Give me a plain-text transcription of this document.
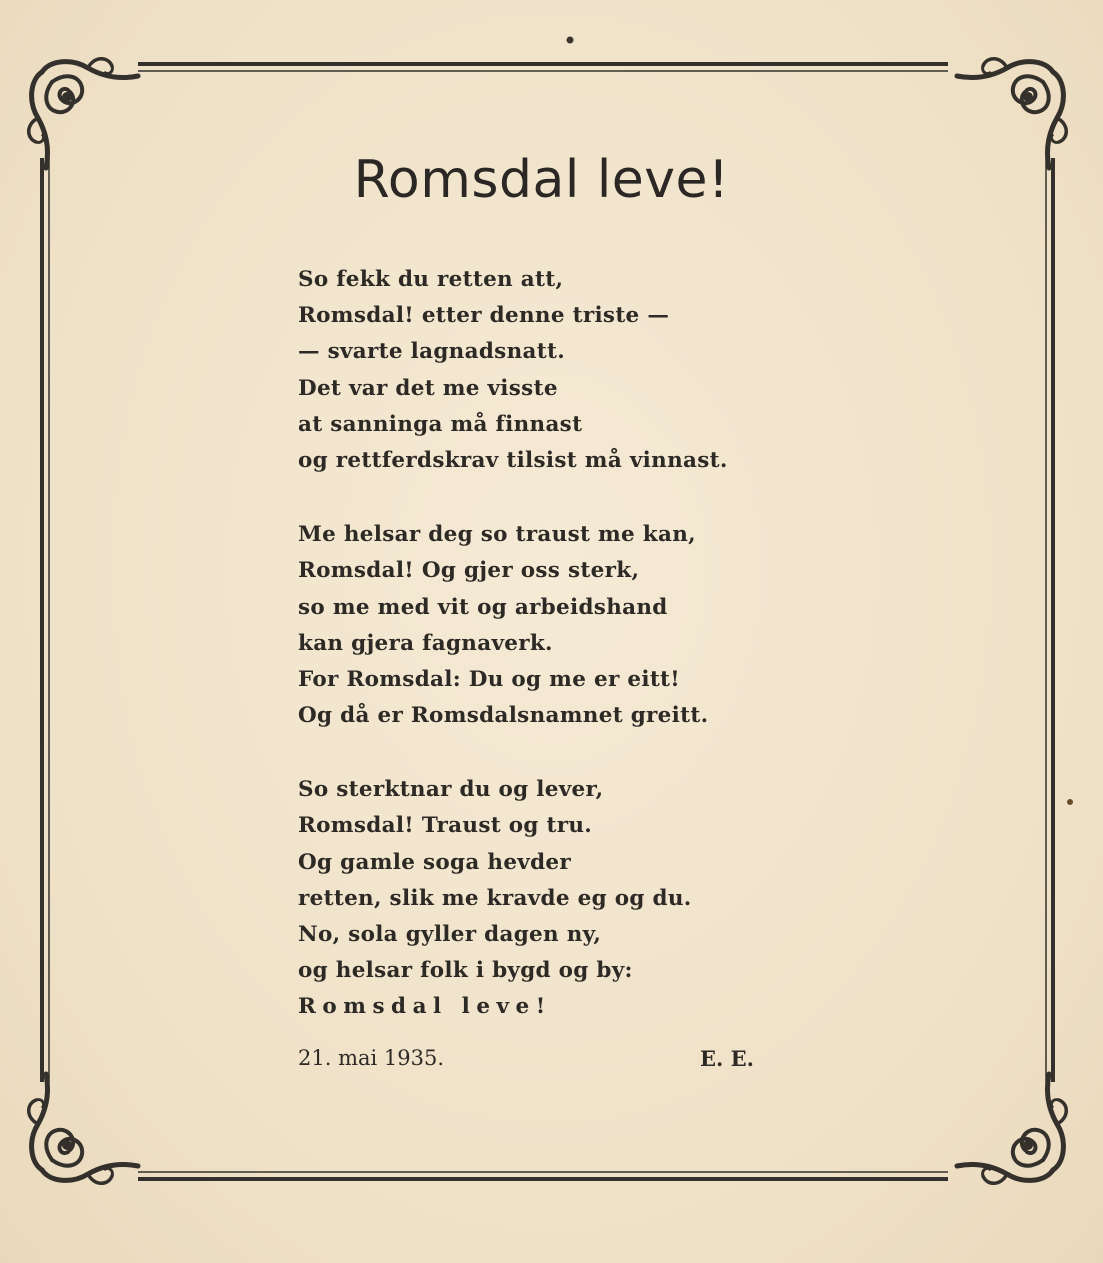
Romsdal leve!
So fekk du retten att,
Romsdal! etter denne triste —
— svarte lagnadsnatt.
Det var det me visste
at sanninga må finnast
og rettferdskrav tilsist må vinnast.
Me helsar deg so traust me kan,
Romsdal! Og gjer oss sterk,
so me med vit og arbeidshand
kan gjera fagnaverk.
For Romsdal: Du og me er eitt!
Og då er Romsdalsnamnet greitt.
So sterktnar du og lever,
Romsdal! Traust og tru.
Og gamle soga hevder
retten, slik me kravde eg og du.
No, sola gyller dagen ny,
og helsar folk i bygd og by:
Romsdal leve!
21. mai 1935.	E. E.
